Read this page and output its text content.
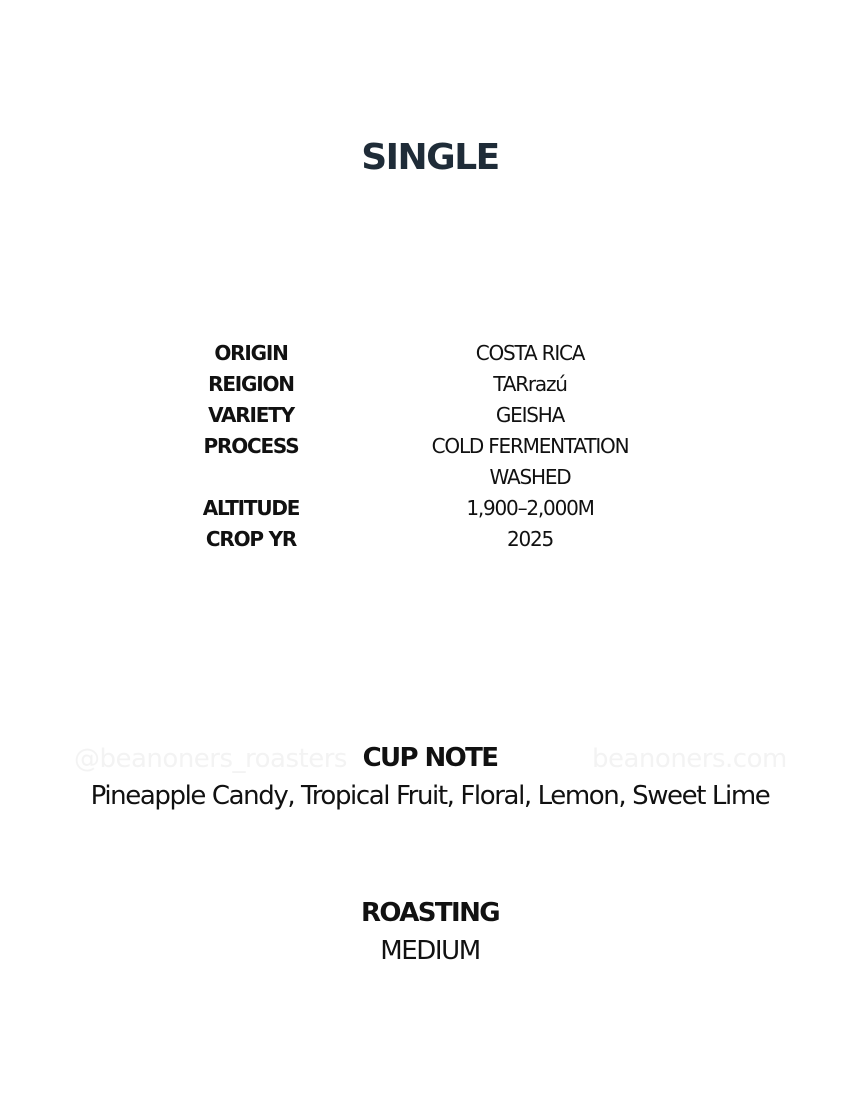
SINGLE
ORIGIN	COSTA RICA
REIGION	TARrazú
VARIETY	GEISHA
PROCESS	COLD FERMENTATION
WASHED
ALTITUDE	1,900–2,000M
CROP YR	2025
@beanoners_roasters	beanoners.com
CUP NOTE
Pineapple Candy, Tropical Fruit, Floral, Lemon, Sweet Lime
ROASTING
MEDIUM
